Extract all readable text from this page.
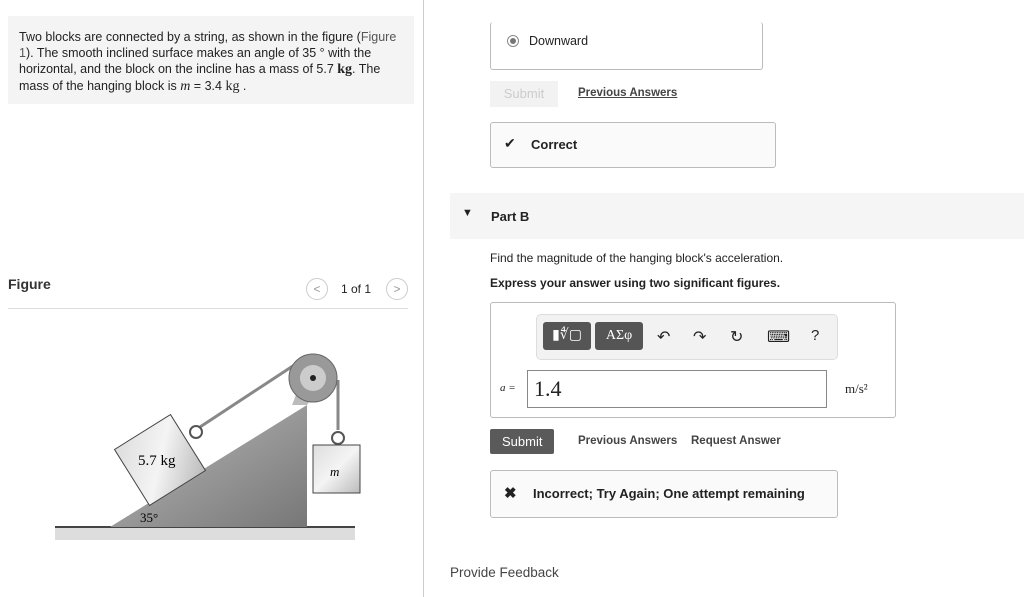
Two blocks are connected by a string, as shown in the figure (Figure 1). The smooth inclined surface makes an angle of 35 ° with the horizontal, and the block on the incline has a mass of 5.7 kg. The mass of the hanging block is m = 3.4 kg .
Figure	<	1 of 1	>
5.7 kg
m
35°
Downward
Submit	Previous Answers
✔ Correct
▼ Part B
Find the magnitude of the hanging block's acceleration.
Express your answer using two significant figures.
▮∜▢	ΑΣφ	↶ ↷ ↻ ⌨ ?
a = 1.4	m/s²
Submit	Previous Answers Request Answer
✖ Incorrect; Try Again; One attempt remaining
Provide Feedback
